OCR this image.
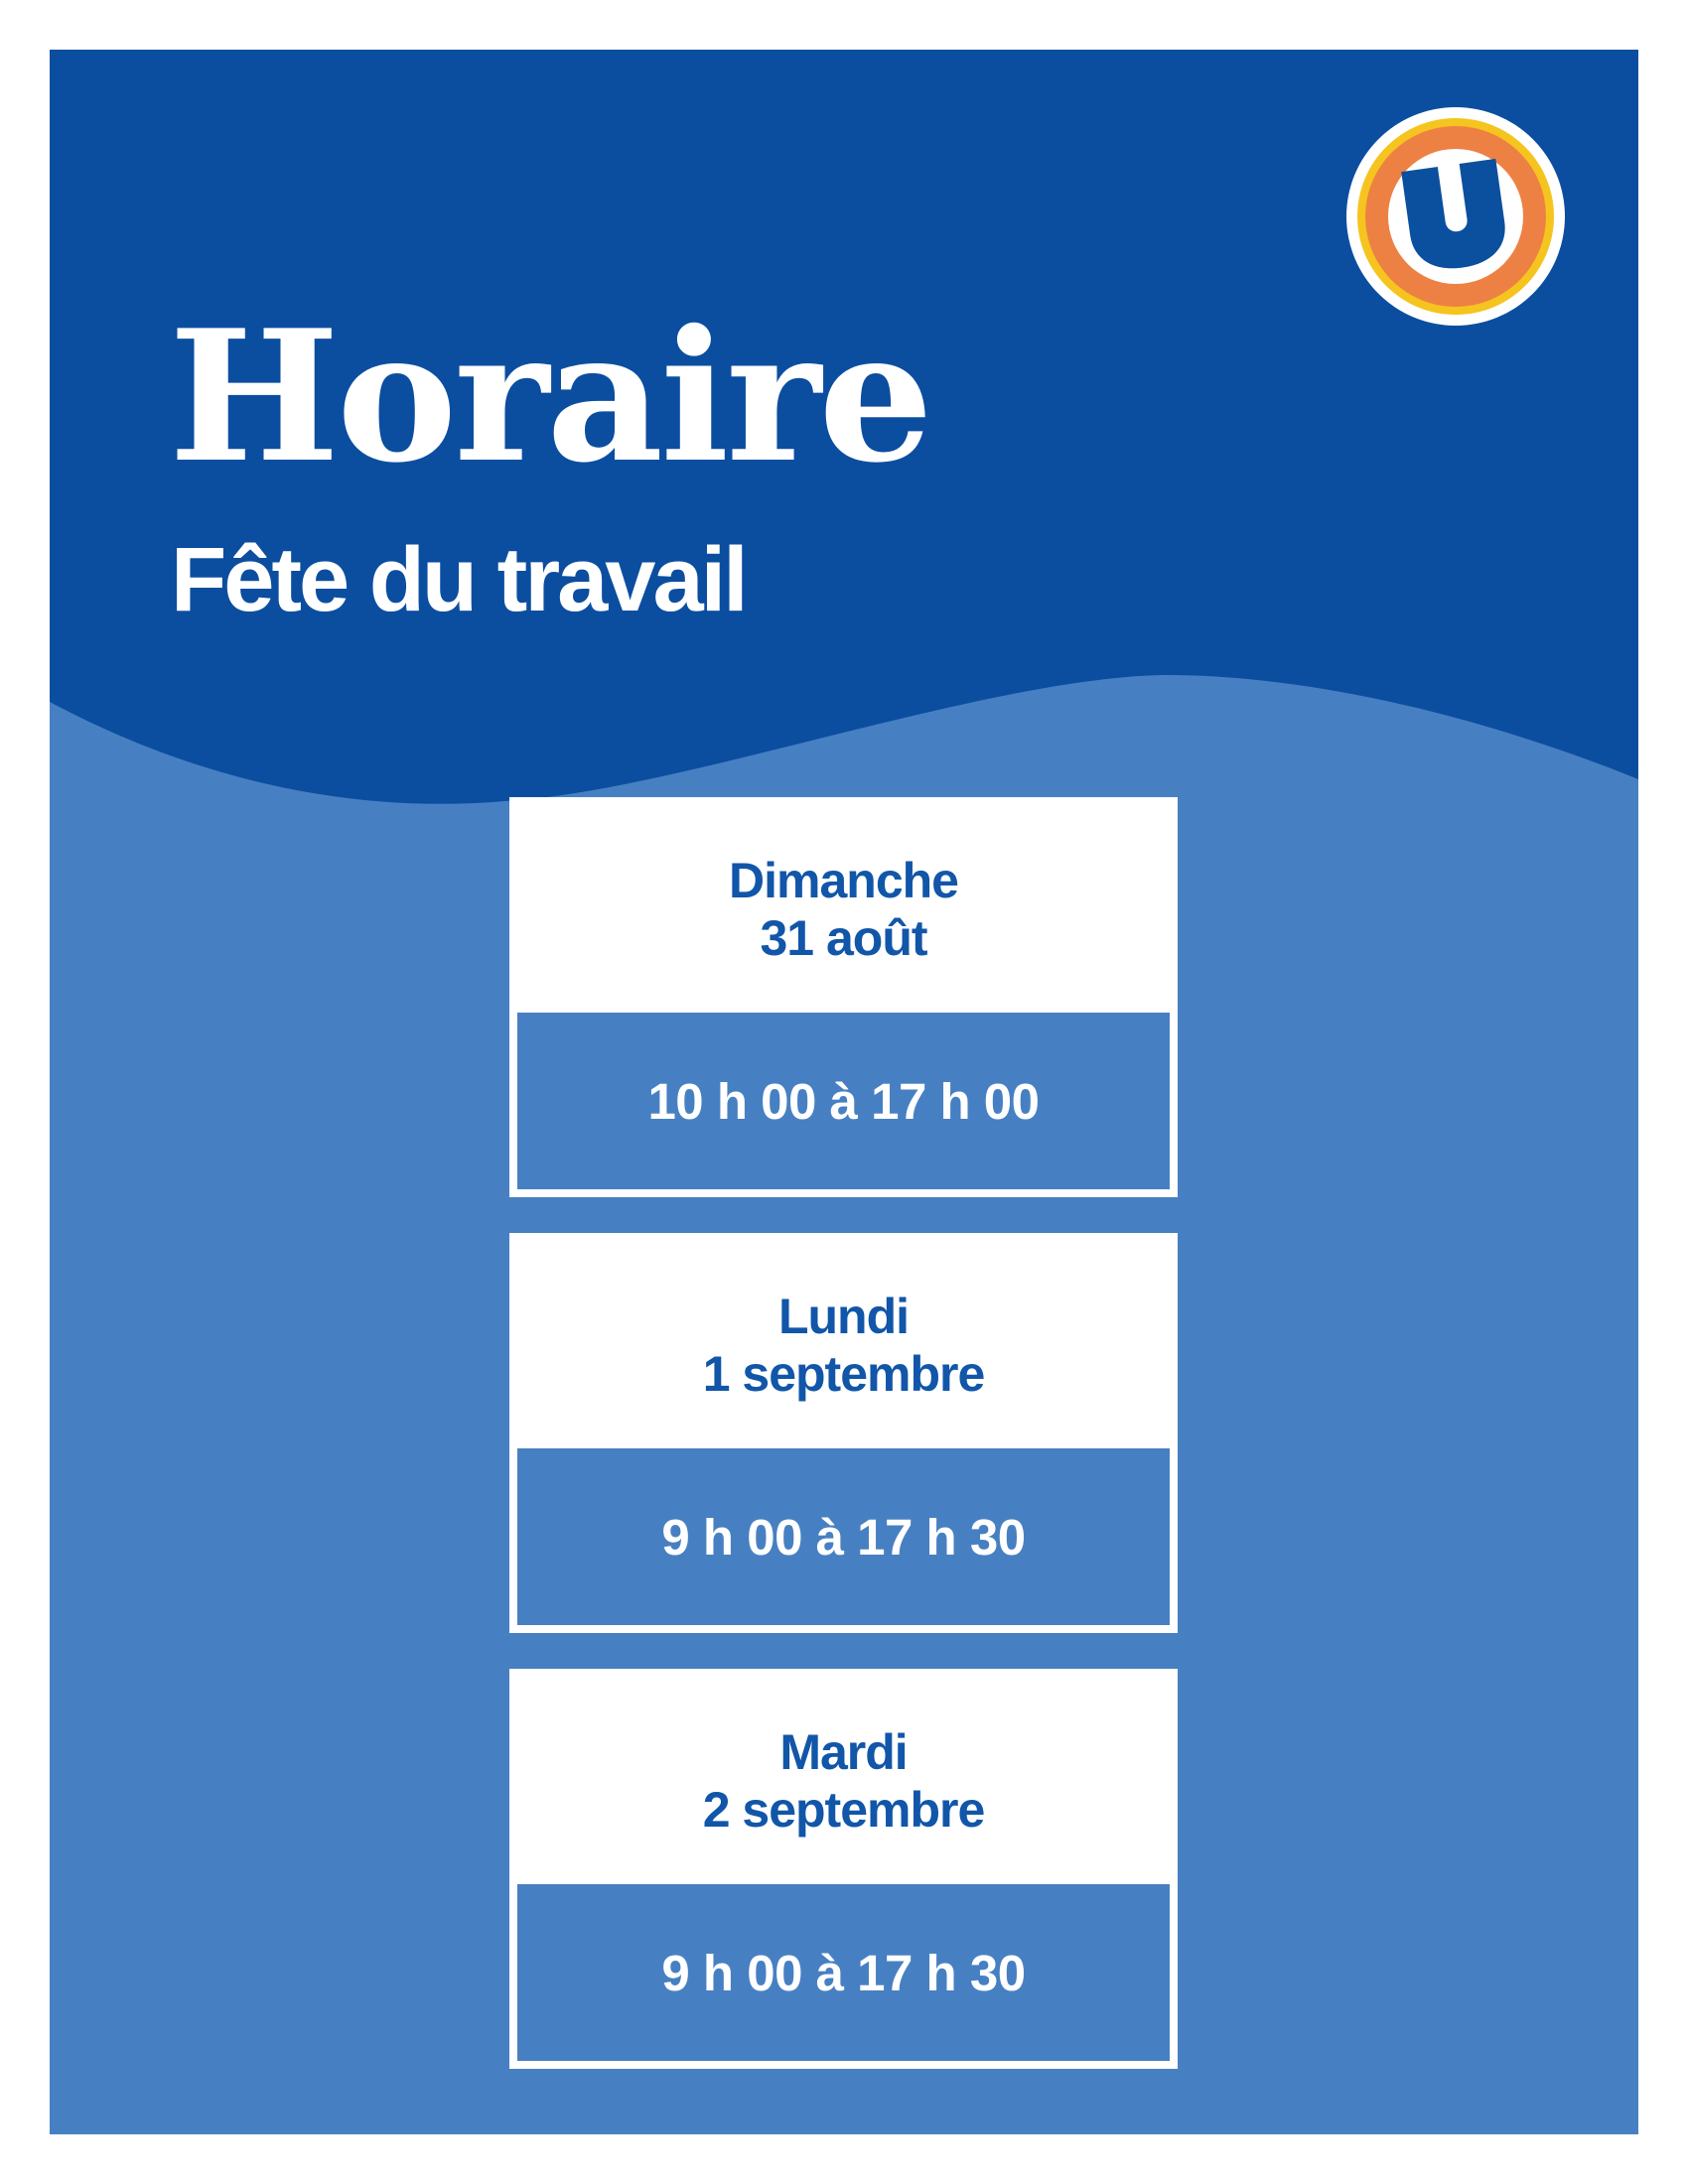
Horaire
Fête du travail
Dimanche
31 août
10 h 00 à 17 h 00
Lundi
1 septembre
9 h 00 à 17 h 30
Mardi
2 septembre
9 h 00 à 17 h 30
